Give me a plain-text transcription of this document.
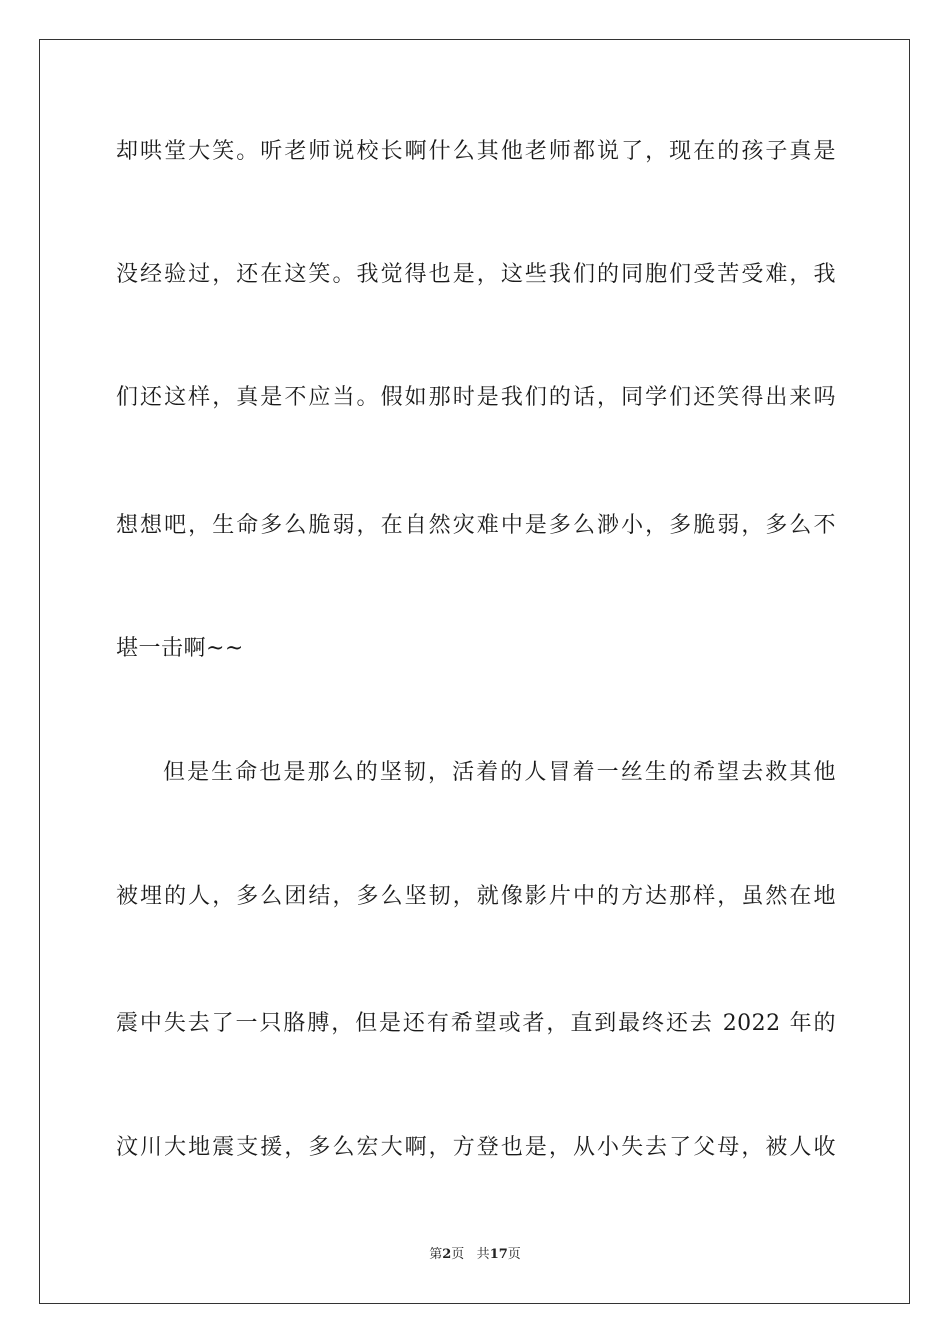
却哄堂大笑。听老师说校长啊什么其他老师都说了，现在的孩子真是
没经验过，还在这笑。我觉得也是，这些我们的同胞们受苦受难，我
们还这样，真是不应当。假如那时是我们的话，同学们还笑得出来吗
想想吧，生命多么脆弱，在自然灾难中是多么渺小，多脆弱，多么不
堪一击啊~~
但是生命也是那么的坚韧，活着的人冒着一丝生的希望去救其他
被埋的人，多么团结，多么坚韧，就像影片中的方达那样，虽然在地
震中失去了一只胳膊，但是还有希望或者，直到最终还去 2022 年的
汶川大地震支援，多么宏大啊，方登也是，从小失去了父母，被人收
第2页 共17页
